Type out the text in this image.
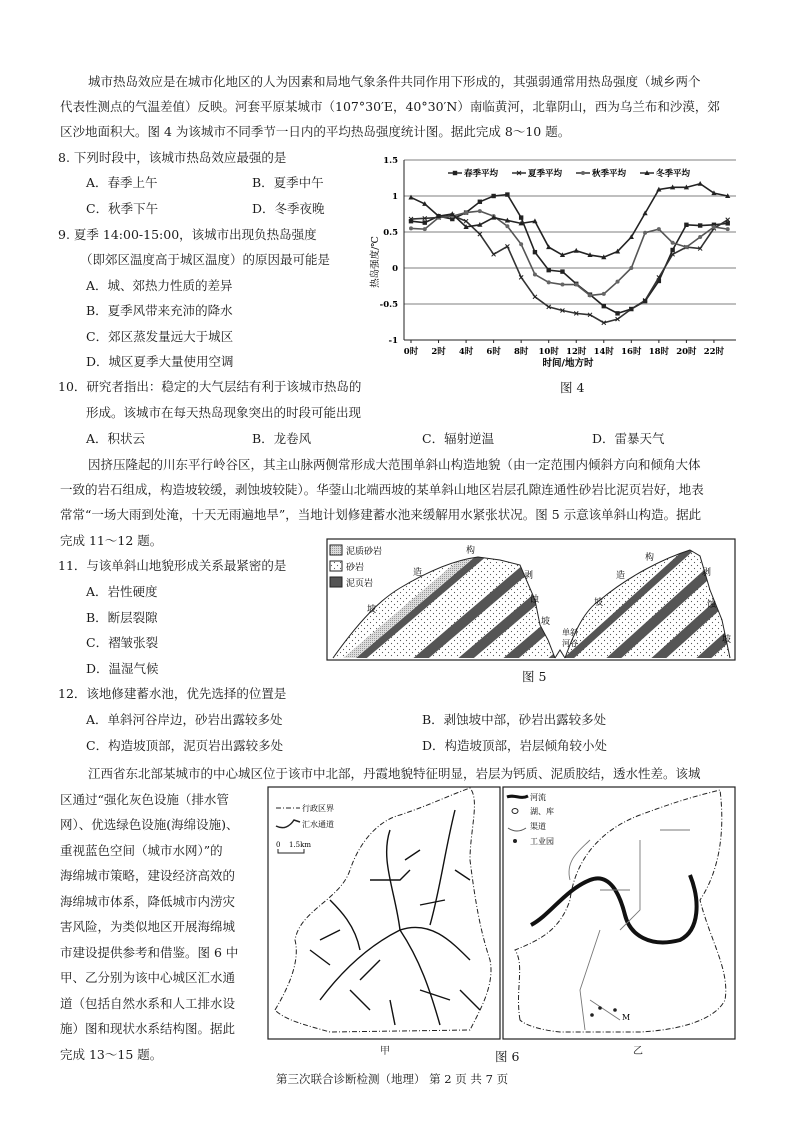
城市热岛效应是在城市化地区的人为因素和局地气象条件共同作用下形成的，其强弱通常用热岛强度（城乡两个
代表性测点的气温差值）反映。河套平原某城市（107°30′E，40°30′N）南临黄河，北靠阴山，西为乌兰布和沙漠，郊
区沙地面积大。图 4 为该城市不同季节一日内的平均热岛强度统计图。据此完成 8～10 题。
8. 下列时段中，该城市热岛效应最强的是
A．春季上午	B．夏季中午
C．秋季下午	D．冬季夜晚
9. 夏季 14:00-15:00，该城市出现负热岛强度
（即郊区温度高于城区温度）的原因最可能是
A．城、郊热力性质的差异
B．夏季风带来充沛的降水
C．郊区蒸发量远大于城区
D．城区夏季大量使用空调
10．研究者指出：稳定的大气层结有利于该城市热岛的
形成。该城市在每天热岛现象突出的时段可能出现
A．积状云	B．龙卷风	C．辐射逆温	D．雷暴天气
图 4
1.5
1
0.5
0
-0.5
-1
0时 2时 4时 6时 8时 10时 12时 14时 16时 18时 20时 22时
春季平均	夏季平均	秋季平均	冬季平均
热岛强度/℃
时间/地方时
因挤压隆起的川东平行岭谷区，其主山脉两侧常形成大范围单斜山构造地貌（由一定范围内倾斜方向和倾角大体
一致的岩石组成，构造坡较缓，剥蚀坡较陡）。华蓥山北端西坡的某单斜山地区岩层孔隙连通性砂岩比泥页岩好，地表
常常“一场大雨到处淹，十天无雨遍地旱”，当地计划修建蓄水池来缓解用水紧张状况。图 5 示意该单斜山构造。据此
完成 11～12 题。
11．与该单斜山地貌形成关系最紧密的是
A．岩性硬度
B．断层裂隙
C．褶皱张裂
D．温湿气候
12．该地修建蓄水池，优先选择的位置是
A．单斜河谷岸边，砂岩出露较多处	B．剥蚀坡中部，砂岩出露较多处
C．构造坡顶部，泥页岩出露较多处	D．构造坡顶部，岩层倾角较小处
泥质砂岩
砂岩
泥页岩
构
造
坡
剥
蚀
坡
单斜
河谷
构
造
坡
剥
蚀
坡
图 5
江西省东北部某城市的中心城区位于该市中北部，丹霞地貌特征明显，岩层为钙质、泥质胶结，透水性差。该城
区通过“强化灰色设施（排水管
网）、优选绿色设施(海绵设施)、
重视蓝色空间（城市水网）”的
海绵城市策略，建设经济高效的
海绵城市体系，降低城市内涝灾
害风险，为类似地区开展海绵城
市建设提供参考和借鉴。图 6 中
甲、乙分别为该中心城区汇水通
道（包括自然水系和人工排水设
施）图和现状水系结构图。据此
完成 13～15 题。
行政区界
汇水通道
0 1.5km
M
河流
湖、库
渠道
工业园
甲	图 6	乙
第三次联合诊断检测（地理） 第 2 页 共 7 页
